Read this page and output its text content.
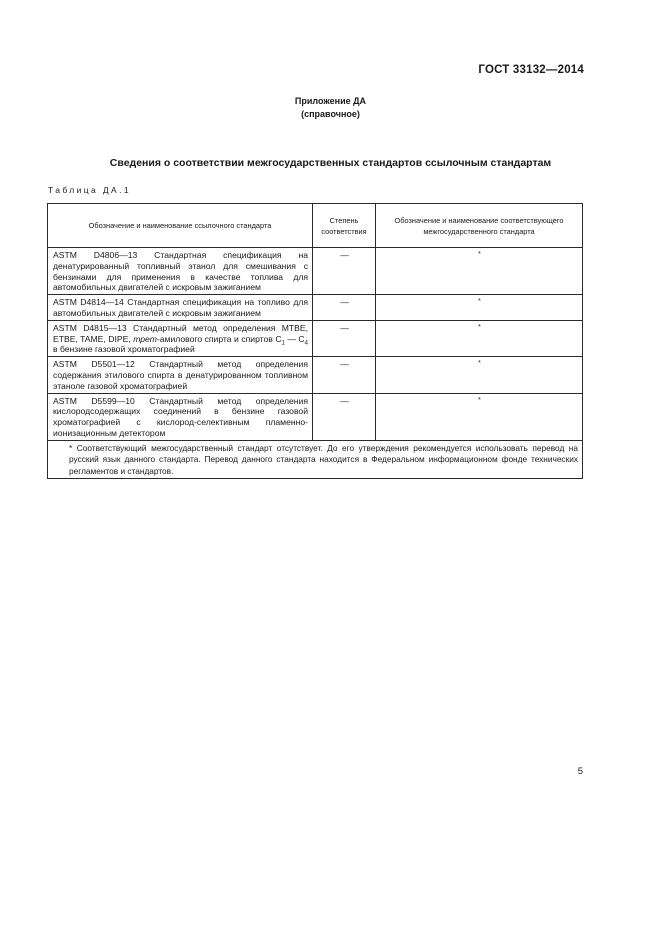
ГОСТ 33132—2014
Приложение ДА
(справочное)
Сведения о соответствии межгосударственных стандартов ссылочным стандартам
Таблица ДА.1
Обозначение и наименование ссылочного стандарта	Степень соответствия	Обозначение и наименование соответствующего межгосударственного стандарта
ASTM D4806—13 Стандартная спецификация на денатурированный топливный этанол для смешивания с бензинами для применения в качестве топлива для автомобильных двигателей с искровым зажиганием	—	*
ASTM D4814—14 Стандартная спецификация на топливо для автомобильных двигателей с искровым зажиганием	—	*
ASTM D4815—13 Стандартный метод определения MTBE, ETBE, TAME, DIPE, трет-амилового спирта и спиртов $C_1$ — $C_4$ в бензине газовой хроматографией	—	*
ASTM D5501—12 Стандартный метод определения содержания этилового спирта в денатурированном топливном этаноле газовой хроматографией	—	*
ASTM D5599—10 Стандартный метод определения кислородсодержащих соединений в бензине газовой хроматографией с кислород-селективным пламенно-ионизационным детектором	—	*

* Соответствующий межгосударственный стандарт отсутствует. До его утверждения рекомендуется использовать перевод на русский язык данного стандарта. Перевод данного стандарта находится в Федеральном информационном фонде технических регламентов и стандартов.		
5
